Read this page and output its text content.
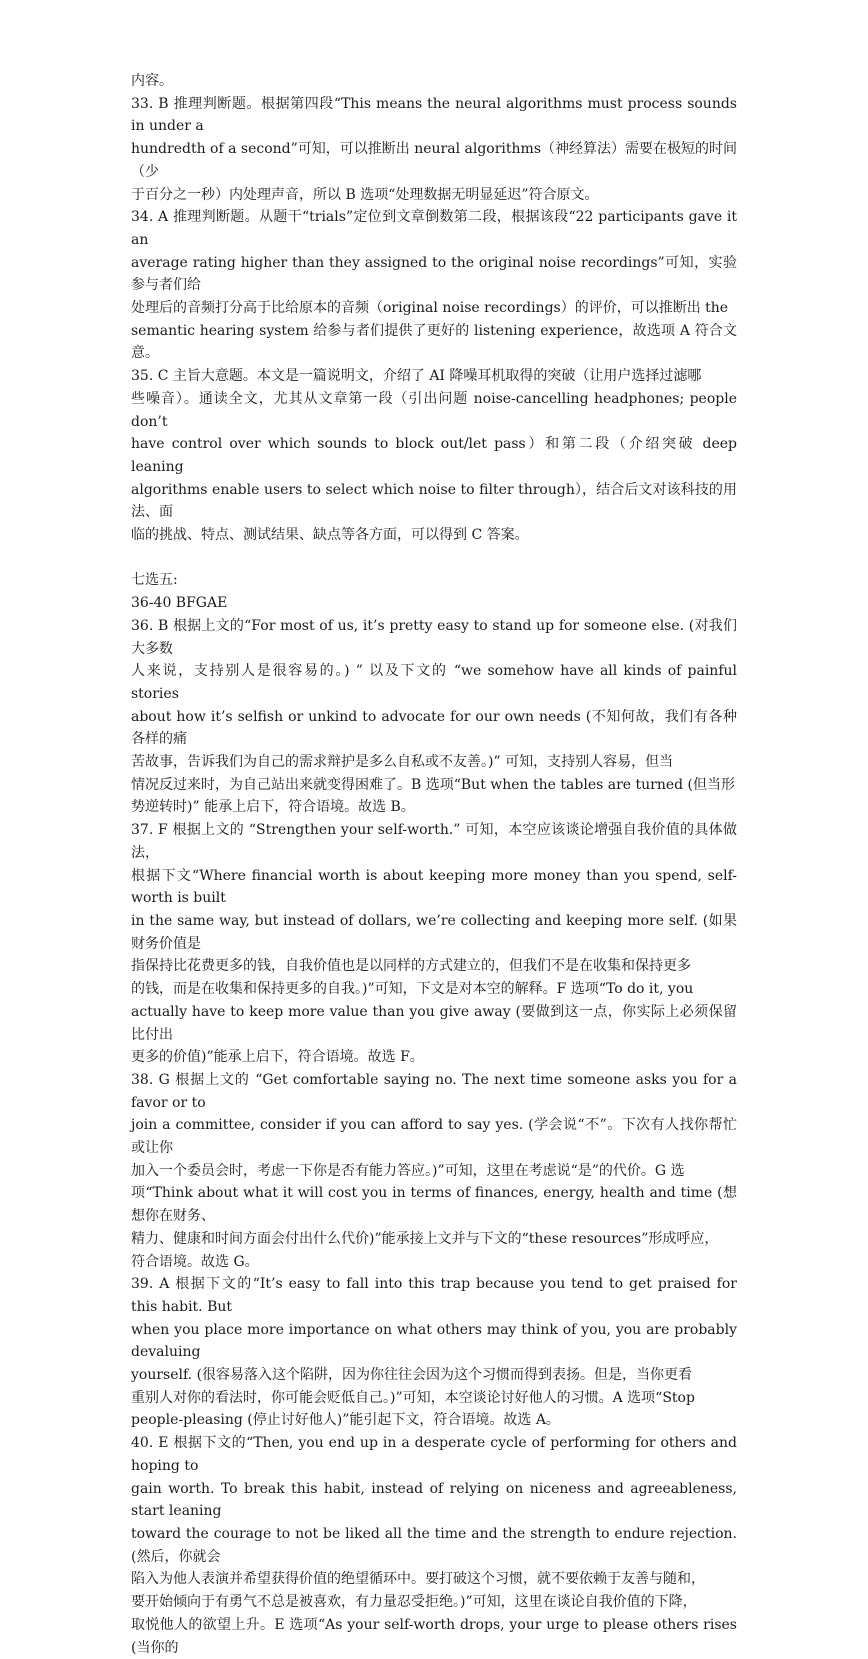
内容。

33. B 推理判断题。根据第四段“This means the neural algorithms must process sounds in under a

hundredth of a second”可知，可以推断出 neural algorithms（神经算法）需要在极短的时间（少

于百分之一秒）内处理声音，所以 B 选项“处理数据无明显延迟”符合原文。

34. A 推理判断题。从题干“trials”定位到文章倒数第二段，根据该段“22 participants gave it an

average rating higher than they assigned to the original noise recordings”可知，实验参与者们给

处理后的音频打分高于比给原本的音频（original noise recordings）的评价，可以推断出 the

semantic hearing system 给参与者们提供了更好的 listening experience，故选项 A 符合文意。

35. C 主旨大意题。本文是一篇说明文，介绍了 AI 降噪耳机取得的突破（让用户选择过滤哪

些噪音）。通读全文，尤其从文章第一段（引出问题 noise-cancelling headphones; people don’t

have control over which sounds to block out/let pass）和第二段（介绍突破 deep leaning

algorithms enable users to select which noise to filter through），结合后文对该科技的用法、面

临的挑战、特点、测试结果、缺点等各方面，可以得到 C 答案。

七选五:

36-40 BFGAE

36. B 根据上文的“For most of us, it’s pretty easy to stand up for someone else. (对我们大多数

人来说，支持别人是很容易的。) ” 以及下文的 “we somehow have all kinds of painful stories

about how it’s selfish or unkind to advocate for our own needs (不知何故，我们有各种各样的痛

苦故事，告诉我们为自己的需求辩护是多么自私或不友善。)” 可知，支持别人容易，但当

情况反过来时，为自己站出来就变得困难了。B 选项“But when the tables are turned (但当形

势逆转时)” 能承上启下，符合语境。故选 B。

37. F 根据上文的 “Strengthen your self-worth.” 可知，本空应该谈论增强自我价值的具体做法，

根据下文“Where financial worth is about keeping more money than you spend, self-worth is built

in the same way, but instead of dollars, we’re collecting and keeping more self. (如果财务价值是

指保持比花费更多的钱，自我价值也是以同样的方式建立的，但我们不是在收集和保持更多

的钱，而是在收集和保持更多的自我。)”可知，下文是对本空的解释。F 选项“To do it, you

actually have to keep more value than you give away (要做到这一点，你实际上必须保留比付出

更多的价值)”能承上启下，符合语境。故选 F。

38. G 根据上文的 “Get comfortable saying no. The next time someone asks you for a favor or to

join a committee, consider if you can afford to say yes. (学会说“不”。下次有人找你帮忙或让你

加入一个委员会时，考虑一下你是否有能力答应。)”可知，这里在考虑说“是”的代价。G 选

项“Think about what it will cost you in terms of finances, energy, health and time (想想你在财务、

精力、健康和时间方面会付出什么代价)”能承接上文并与下文的“these resources”形成呼应，

符合语境。故选 G。

39. A 根据下文的“It’s easy to fall into this trap because you tend to get praised for this habit. But

when you place more importance on what others may think of you, you are probably devaluing

yourself. (很容易落入这个陷阱，因为你往往会因为这个习惯而得到表扬。但是，当你更看

重别人对你的看法时，你可能会贬低自己。)”可知，本空谈论讨好他人的习惯。A 选项“Stop

people-pleasing (停止讨好他人)”能引起下文，符合语境。故选 A。

40. E 根据下文的“Then, you end up in a desperate cycle of performing for others and hoping to

gain worth. To break this habit, instead of relying on niceness and agreeableness, start leaning

toward the courage to not be liked all the time and the strength to endure rejection. (然后，你就会

陷入为他人表演并希望获得价值的绝望循环中。要打破这个习惯，就不要依赖于友善与随和，

要开始倾向于有勇气不总是被喜欢，有力量忍受拒绝。)”可知，这里在谈论自我价值的下降，

取悦他人的欲望上升。E 选项“As your self-worth drops, your urge to please others rises (当你的
